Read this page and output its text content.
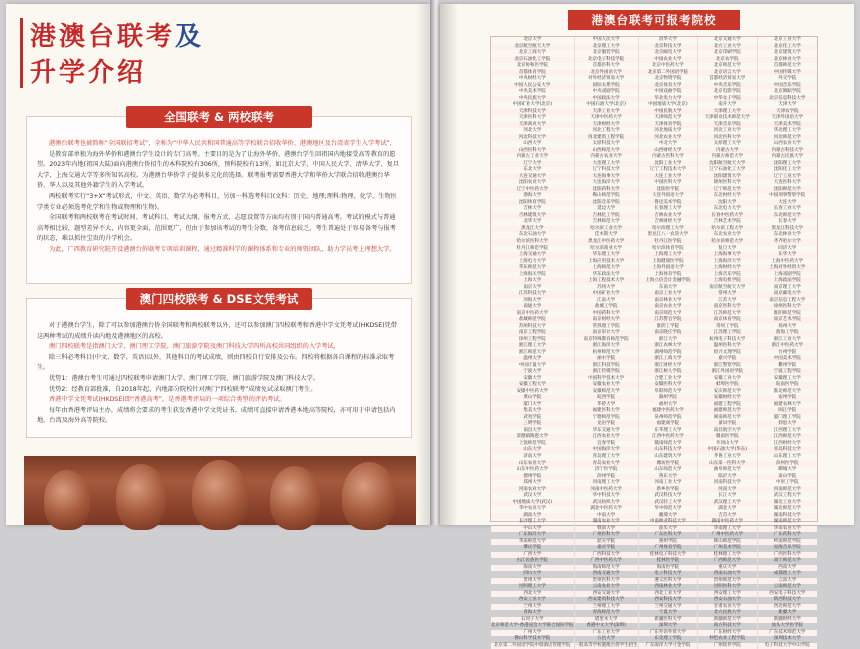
港澳台联考及
升学介绍
全国联考 & 两校联考

港澳台联考也被简称“全国联招考试”，全称为“中华人民共和国普通高等学校联合招收华侨、港澳地区及台湾省学生入学考试”，

是教育部单独为海外华侨和港澳台学生设计的专门高考。主要目的是为了让海外华侨、港澳台学生回祖国内地接受高等教育的愿望。2023年内地(祖国大陆)面向港澳台侨招生的本科院校有306所，预科院校有13所，如北京大学、中国人民大学、清华大学、复旦大学、上海交通大学等多所知名高校。为港澳台华侨学子提供多元化的选择。联考报考需要香港大学和华侨大学联合招收港澳台华侨、华人以及其他外籍学生的入学考试。

两校联考实行“3+X”考试形式，中文、英语、数学为必考科目，另加一科选考科目(文科：历史、地理;理科:物理、化学、生物医学类专业必须选考化学和生物或物理和生物)。

全国联考和两校联考在考试时间、考试科目、考试大纲、报考方式、志愿设置等方面均有别于国内普通高考。考试的模式与普通高考相比较，题型差异不大，内容更全面，范围更广，但由于参加该考试的考生分数，备考信息较乏，考生普遍处于容易备考与报考的状态，难以抓住宝贵的升学机会。

为此，广西教育研究院开设港澳台侨联考专项培训课程，通过精准科学的课程体系和专业的师资团队，助力学员考上理想大学。

澳门四校联考 & DSE文凭考试

对于港澳台学生，除了可以参加港澳台侨全国联考和两校联考以外，还可以参加澳门四校联考和香港中学文凭考试(HKDSE)凭借这两种考试的成绩升读内地及港澳地区的高校。

澳门四校联考是指澳门大学、澳门理工学院、澳门旅游学院及澳门科技大学四所高校共同组织的入学考试，

除三科必考科目(中文、数学、英语)以外，其他科目的考试成绩，则由四校自行安排及公布。四校将根据各自课程的标准录取考生。

优势1：港澳台考生可通过四校联考申请澳门大学、澳门理工学院、澳门旅游学院及澳门科技大学。

优势2：经教育部批准，自2018年起，内地部分院校针对澳门“四校联考”成绩免试录取澳门考生。

香港中学文凭考试(HKDSE)即“香港高考”，是香港考评局的一项综合类型的评估考试。

每年由香港考评局主办，成绩将会要求的考生获发香港中学文凭证书。成绩可直接申请香港本地高等院校，亦可用于申请包括内地、台湾及海外高等院校。

港澳台联考可报考院校
北京大学	中国人民大学	清华大学	北京交通大学	北京工业大学
北京航空航天大学	北京理工大学	北京科技大学	北方工业大学	北京化工大学
北京工商大学	北京服装学院	北京邮电大学	北京印刷学院	北京建筑大学
北京石油化工学院	北京电子科技学院	中国农业大学	北京农学院	北京林业大学
北京协和医学院	首都医科大学	北京中医药大学	北京师范大学	首都师范大学
首都体育学院	北京外国语大学	北京第二外国语学院	北京语言大学	中国传媒大学
中央财经大学	对外经济贸易大学	北京物资学院	首都经济贸易大学	外交学院
中国人民公安大学	国际关系学院	北京体育大学	中央音乐学院	中国音乐学院
中央美术学院	中央戏剧学院	中国戏曲学院	北京电影学院	北京舞蹈学院
中央民族大学	中国政法大学	华北电力大学	中华女子学院	北京信息科技大学
中国矿业大学(北京)	中国石油大学(北京)	中国地质大学(北京)	南开大学	天津大学
天津科技大学	天津工业大学	中国民航大学	天津理工大学	天津农学院
天津医科大学	天津中医药大学	天津师范大学	天津职业技术师范大学	天津外国语大学
天津商业大学	天津财经大学	天津体育学院	天津音乐学院	天津美术学院
河北大学	河北工程大学	河北地质大学	河北工业大学	华北理工大学
河北科技大学	河北建筑工程学院	河北农业大学	河北医科大学	河北师范大学
山西大学	太原科技大学	中北大学	太原理工大学	山西农业大学
山西医科大学	山西师范大学	山西财经大学	内蒙古大学	内蒙古科技大学
内蒙古工业大学	内蒙古农业大学	内蒙古医科大学	内蒙古师范大学	内蒙古民族大学
辽宁大学	大连理工大学	沈阳工业大学	沈阳航空航天大学	沈阳理工大学
东北大学	辽宁科技大学	辽宁工程技术大学	辽宁石油化工大学	沈阳化工大学
大连交通大学	大连海事大学	大连工业大学	沈阳建筑大学	辽宁工业大学
沈阳农业大学	大连海洋大学	中国医科大学	锦州医科大学	大连医科大学
辽宁中医药大学	沈阳药科大学	沈阳医学院	辽宁师范大学	沈阳师范大学
渤海大学	鞍山师范学院	大连外国语大学	东北财经大学	中国刑事警察学院
沈阳体育学院	沈阳音乐学院	鲁迅美术学院	沈阳大学	大连大学
吉林大学	延边大学	长春理工大学	东北电力大学	长春工业大学
吉林建筑大学	吉林化工学院	吉林农业大学	长春中医药大学	东北师范大学
北华大学	吉林师范大学	吉林财经大学	吉林艺术学院	长春大学
黑龙江大学	哈尔滨工业大学	哈尔滨理工大学	哈尔滨工程大学	黑龙江科技大学
东北石油大学	佳木斯大学	黑龙江八一农垦大学	东北农业大学	东北林业大学
哈尔滨医科大学	黑龙江中医药大学	牡丹江医学院	哈尔滨师范大学	齐齐哈尔大学
牡丹江师范学院	哈尔滨商业大学	哈尔滨体育学院	复旦大学	同济大学
上海交通大学	华东理工大学	上海理工大学	上海海事大学	东华大学
上海电力大学	上海应用技术大学	上海健康医学院	上海海洋大学	上海中医药大学
华东师范大学	上海师范大学	上海外国语大学	上海财经大学	上海对外经贸大学
上海海关学院	华东政法大学	上海体育学院	上海音乐学院	上海戏剧学院
上海大学	上海工程技术大学	上海立信会计金融学院	上海电机学院	上海政法学院
南京大学	苏州大学	东南大学	南京航空航天大学	南京理工大学
江苏科技大学	中国矿业大学	南京工业大学	常州大学	南京邮电大学
河海大学	江南大学	南京林业大学	江苏大学	南京信息工程大学
南通大学	盐城工学院	南京农业大学	南京医科大学	徐州医科大学
南京中医药大学	中国药科大学	南京师范大学	江苏师范大学	淮阴师范学院
盐城师范学院	南京财经大学	江苏警官学院	南京体育学院	南京艺术学院
苏州科技大学	常熟理工学院	淮阴工学院	常州工学院	扬州大学
南京工程学院	南京审计大学	南京晓庄学院	江苏理工学院	淮海工学院
徐州工程学院	南京特殊教育师范学院	浙江大学	杭州电子科技大学	浙江工业大学
浙江理工大学	浙江海洋大学	浙江农林大学	温州医科大学	浙江中医药大学
浙江师范大学	杭州师范大学	湖州师范学院	绍兴文理学院	台州学院
温州大学	丽水学院	浙江工商大学	嘉兴学院	中国美术学院
中国计量大学	浙江科技学院	浙江财经大学	浙江警察学院	衢州学院
宁波大学	浙江传媒学院	浙江树人学院	浙江外国语学院	宁波工程学院
安徽大学	中国科学技术大学	合肥工业大学	安徽工业大学	安徽理工大学
安徽工程大学	安徽农业大学	安徽医科大学	蚌埠医学院	皖南医学院
安徽中医药大学	安徽师范大学	阜阳师范大学	安庆师范大学	淮北师范大学
黄山学院	皖西学院	滁州学院	安徽财经大学	宿州学院
厦门大学	华侨大学	福州大学	福建工程学院	福建农林大学
集美大学	福建医科大学	福建中医药大学	福建师范大学	闽江学院
武夷学院	宁德师范学院	泉州师范学院	闽南师范大学	厦门理工学院
三明学院	龙岩学院	福建商学院	莆田学院	仰恩大学
南昌大学	华东交通大学	东华理工大学	南昌航空大学	江西理工大学
景德镇陶瓷大学	江西农业大学	江西中医药大学	赣南医学院	江西师范大学
上饶师范学院	宜春学院	赣南师范大学	井冈山大学	江西财经大学
山东大学	中国海洋大学	山东科技大学	中国石油大学(华东)	青岛科技大学
济南大学	青岛理工大学	山东建筑大学	齐鲁工业大学	山东理工大学
山东农业大学	青岛农业大学	潍坊医学院	山东第一医科大学	滨州医学院
山东中医药大学	济宁医学院	山东师范大学	曲阜师范大学	聊城大学
德州学院	滨州学院	鲁东大学	临沂大学	泰山学院
郑州大学	河南理工大学	河南工业大学	河南科技大学	中原工学院
河南农业大学	河南中医药大学	新乡医学院	河南大学	河南师范大学
武汉大学	华中科技大学	武汉科技大学	长江大学	武汉工程大学
中国地质大学(武汉)	武汉纺织大学	武汉轻工大学	武汉理工大学	湖北工业大学
华中农业大学	湖北中医药大学	华中师范大学	湖北大学	湖北师范大学
湖南大学	中南大学	湘潭大学	吉首大学	湖南科技大学
长沙理工大学	湖南农业大学	中南林业科技大学	湖南中医药大学	湖南师范大学
中山大学	暨南大学	汕头大学	华南理工大学	华南农业大学
广东海洋大学	广州医科大学	广东医科大学	广州中医药大学	广东药科大学
华南师范大学	韶关学院	惠州学院	韩山师范学院	岭南师范学院
肇庆学院	嘉应学院	广州体育学院	广州美术学院	星海音乐学院
广西大学	广西科技大学	桂林电子科技大学	桂林理工大学	广西医科大学
右江民族医学院	广西中医药大学	桂林医学院	广西师范大学	南宁师范大学
海南大学	海南师范大学	海南医学院	重庆大学	西南大学
四川大学	西南交通大学	电子科技大学	西南石油大学	成都理工大学
贵州大学	贵州医科大学	遵义医科大学	贵州师范大学	云南大学
昆明理工大学	云南农业大学	西南林业大学	昆明医科大学	云南师范大学
西北大学	西安交通大学	西北工业大学	西安理工大学	西安电子科技大学
西安工业大学	西安建筑科技大学	西安科技大学	西安石油大学	陕西科技大学
兰州大学	兰州理工大学	兰州交通大学	甘肃农业大学	西北师范大学
青海大学	青海师范大学	宁夏大学	北方民族大学	新疆大学
石河子大学	塔里木大学	新疆医科大学	新疆师范大学	新疆财经大学
北京师范大学-香港浸会大学联合国际学院	香港中文大学(深圳)	深圳大学	南方科技大学	汕头大学医学院
广州大学	广东工业大学	广东外语外贸大学	广东财经大学	广东技术师范大学
佛山科学技术学院	五邑大学	东莞理工学院	仲恺农业工程学院	深圳技术大学
北京第二外国语学院中瑞酒店管理学院 一般高等学校港澳台侨学生招生	广东海洋大学寸金学院	广州软件学院	电子科技大学中山学院
